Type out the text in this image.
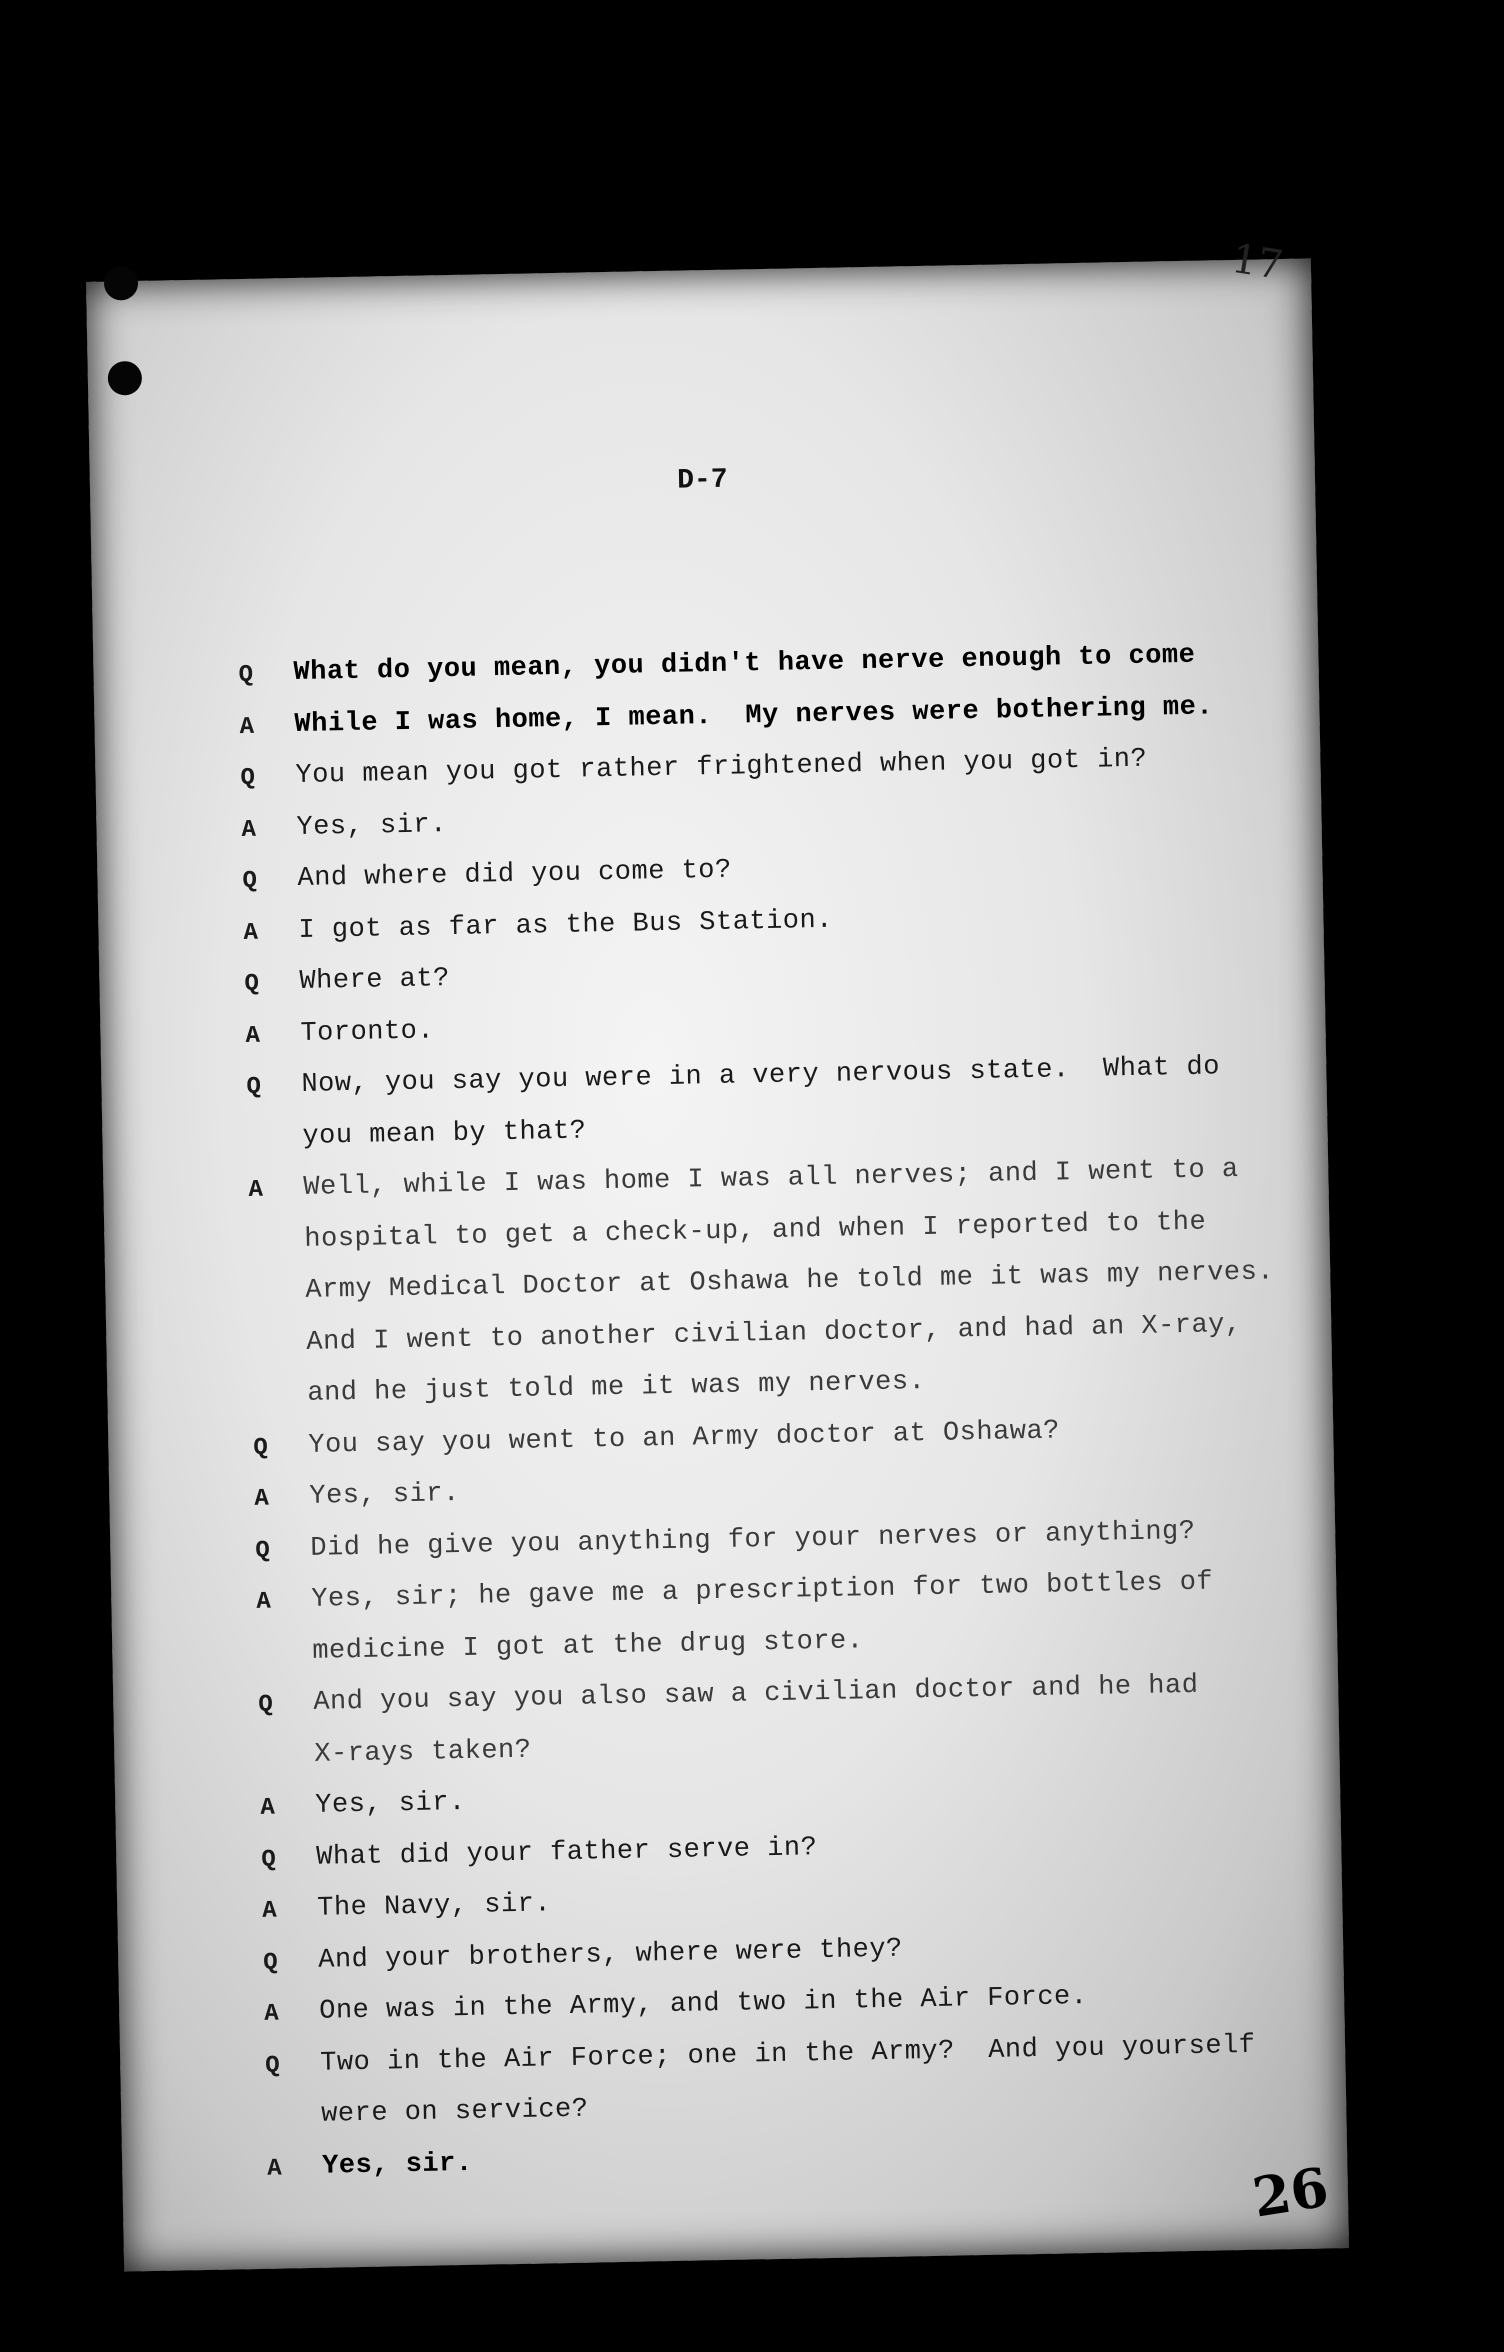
17
D-7
Q What do you mean, you didn't have nerve enough to come
A While I was home, I mean.  My nerves were bothering me.
Q You mean you got rather frightened when you got in?
A Yes, sir.
Q And where did you come to?
A I got as far as the Bus Station.
Q Where at?
A Toronto.
Q Now, you say you were in a very nervous state.  What do
you mean by that?
A Well, while I was home I was all nerves; and I went to a
hospital to get a check-up, and when I reported to the
Army Medical Doctor at Oshawa he told me it was my nerves.
And I went to another civilian doctor, and had an X-ray,
and he just told me it was my nerves.
Q You say you went to an Army doctor at Oshawa?
A Yes, sir.
Q Did he give you anything for your nerves or anything?
A Yes, sir; he gave me a prescription for two bottles of
medicine I got at the drug store.
Q And you say you also saw a civilian doctor and he had
X-rays taken?
A Yes, sir.
Q What did your father serve in?
A The Navy, sir.
Q And your brothers, where were they?
A One was in the Army, and two in the Air Force.
Q Two in the Air Force; one in the Army?  And you yourself
were on service?
A Yes, sir.	26
